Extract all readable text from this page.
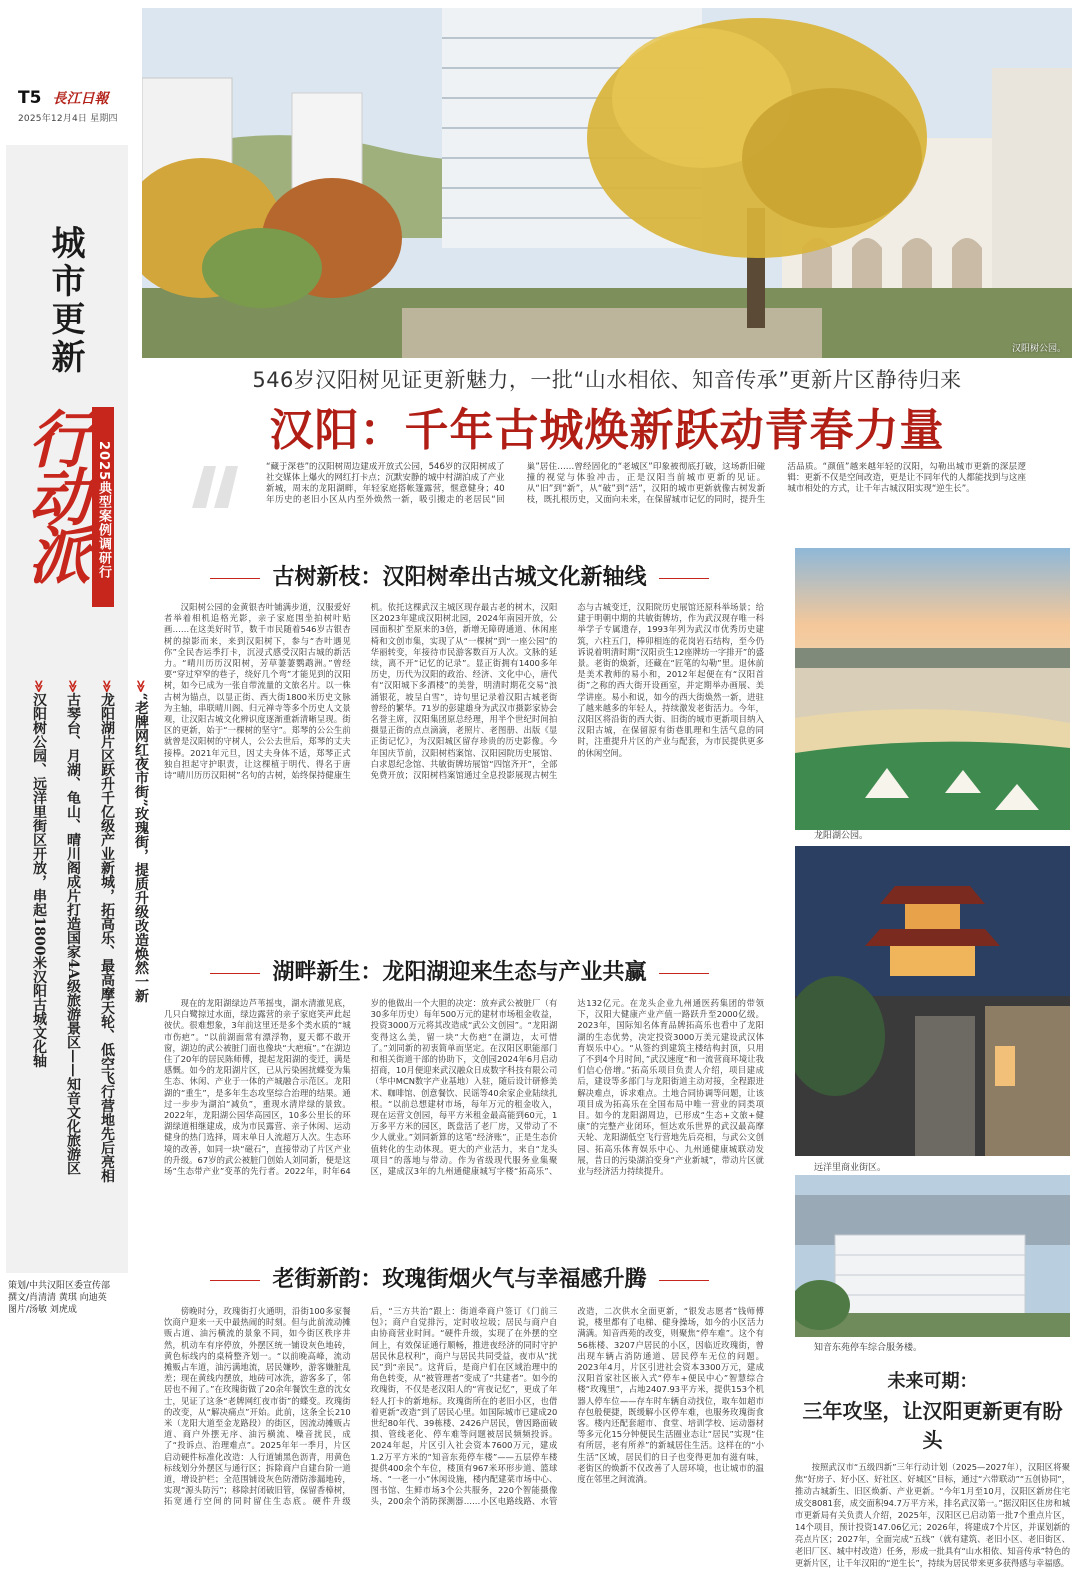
T5 長江日報
2025年12月4日 星期四
城市更新
行动派 2025典型案例调研行
≫“老牌网红夜市街”玫瑰街，提质升级改造焕然一新
≫龙阳湖片区跃升千亿级产业新城，拓高乐、最高摩天轮、低空飞行营地先后亮相
≫古琴台、月湖、龟山、晴川阁成片打造国家4A级旅游景区——知音文化旅游区
≫汉阳树公园、远洋里街区开放，串起1800米汉阳古城文化轴
策划/中共汉阳区委宣传部
撰文/肖清清 黄琪 向迪英
图片/汤敏 刘虎成
汉阳树公园。
546岁汉阳树见证更新魅力，一批“山水相依、知音传承”更新片区静待归来
汉阳：千年古城焕新跃动青春力量
“藏于深巷”的汉阳树周边建成开放式公园，546岁的汉阳树成了社交媒体上爆火的网红打卡点；沉默安静的城中村湖泊成了产业新城，周末的龙阳湖畔，年轻家庭搭帐篷露营，惬意健身；40年历史的老旧小区从内至外焕然一新，吸引搬走的老居民“回巢”居住……曾经固化的“老城区”印象被彻底打破，这场新旧碰撞的视觉与体验冲击，正是汉阳当前城市更新的见证。从“旧”到“新”，从“破”到“活”，汉阳的城市更新就像古树发新枝，既扎根历史，又面向未来，在保留城市记忆的同时，提升生活品质。“颜值”越来越年轻的汉阳，勾勒出城市更新的深层逻辑：更新不仅是空间改造，更是让不同年代的人都能找到与这座城市相处的方式，让千年古城汉阳实现“逆生长”。
古树新枝：汉阳树牵出古城文化新轴线
汉阳树公园的金黄银杏叶铺满步道，汉服爱好者举着相机追格光影，亲子家庭围坐拍树叶贴画……在这美好时节，数千市民随着546岁古银杏树的掠影而来，来到汉阳树下，参与“杏叶遇见你”全民杏运季打卡，沉浸式感受汉阳古城的新活力。“晴川历历汉阳树，芳草萋萋鹦鹉洲。”曾经要“穿过窄窄的巷子，绕好几个弯”才能见到的汉阳树，如今已成为一张自带流量的文旅名片。以一株古树为锚点，以显正街、西大街1800米历史文脉为主轴，串联晴川阁、归元禅寺等多个历史人文景观，让汉阳古城文化辨识度逐渐重新清晰呈现。街区的更新，始于“一棵树的坚守”。郑琴的公公生前就曾是汉阳树的守树人，公公去世后，郑琴的丈夫接棒。2021年元旦，因丈夫身体不适，郑琴正式独自担起守护职责，让这棵植于明代、得名于唐诗“晴川历历汉阳树”名句的古树，始终保持健康生机。依托这棵武汉主城区现存最古老的树木，汉阳区2023年建成汉阳树北园，2024年南园开放，公园面积扩至原来的3倍，新增无障碍通道、休闲座椅和文创市集，实现了从“一棵树”到“一座公园”的华丽转变，年接待市民游客数百万人次。文脉的延续，离不开“记忆的记录”。显正街拥有1400多年历史，历代为汉阳的政治、经济、文化中心，唐代有“汉阳城下多酒楼”的美誉，明清时期花交易“浪涌银花，坡呈白雪”，诗句里记录着汉阳古城老街曾经的繁华。71岁的彭建雄身为武汉市摄影家协会名誉主席，汉阳集团原总经理，用半个世纪时间拍摄显正街的点点滴滴，老照片、老图册、出版《显正街记忆》，为汉阳城区留存珍贵的历史影像。今年国庆节前，汉阳树档案馆、汉阳园院历史展馆、白求恩纪念馆、共敏街牌坊展馆“四馆齐开”，全部免费开放；汉阳树档案馆通过全息投影展现古树生态与古城变迁，汉阳院历史展馆还原科举场景；给建于明朝中期的共敏街牌坊，作为武汉现存唯一科举学子专属遗存，1993年列为武汉市优秀历史建筑，六柱五门，棒卯相连的花岗岩石结构，至今仍诉说着明清时期“汉阳贡生12座牌坊一字排开”的盛景。老街的焕新，还藏在“匠笔的勾勒”里。退休前是美术教师的易小和，2012年起便在有“汉阳首街”之称的西大街开设画室，并定期举办画展、美学讲座。易小和说，如今的西大街焕然一新，进驻了越来越多的年轻人，持续激发老街活力。今年，汉阳区将沿街的西大街、旧街的城市更新项目纳入汉阳古城，在保留原有街巷肌理和生活气息的同时，注重提升片区的产业与配套，为市民提供更多的休闲空间。
湖畔新生：龙阳湖迎来生态与产业共赢
现在的龙阳湖绿边芦苇摇曳，湖水清澈见底，几只白鹭掠过水面，绿边露营的亲子家庭笑声此起彼伏。很难想象，3年前这里还是多个类水质的“城市伤疤”。“以前湖面常有漂浮物，夏天都不敢开窗，湖边的武公被脏门面也像块“大疤痕”。”在湖边住了20年的居民陈师傅，提起龙阳湖的变迁，满是感慨。如今的龙阳湖片区，已从污染困扰蝶变为集生态、休闲、产业于一体的产城融合示范区。龙阳湖的“重生”，是多年生态攻坚综合治理的结果。通过一步步为湖泊“减负”，重现水清岸绿的景致。2022年，龙阳湖公园华高园区，10多公里长的环湖绿道相继建成，成为市民露营、亲子休闲、运动健身的热门选择，周末单日人流超万人次。生态环境的改善，如同一块“磁石”，直接带动了片区产业的升级。67岁的武公被脏门创始人刘同新，便是这场“生态带产业”变革的先行者。2022年，时年64岁的他做出一个大胆的决定：放弃武公被脏厂（有30多年历史）每年500万元的建材市场租金收益，投资3000万元将其改造成“武公文创园”。“龙阳湖变得这么美，留一块“大伤疤”在湖边，太可惜了。”刘同新的初衷简单而坚定。在汉阳区职能部门和相关街道干部的协助下，文创园2024年6月启动招商，10月便迎来武汉融众日成数字科技有限公司（华中MCN数字产业基地）入驻，随后设计研修美术、咖啡馆、创意餐饮、民谣等40余家企业陆续扎根。“以前总想建材市场，每年万元的租金收入，现在运营文创园，每平方米租金最高能到60元，1万多平方米的园区，既盘活了老厂房，又带动了不少人就业。”刘同新算的这笔“经济账”，正是生态价值转化的生动体现。更大的产业活力，来自“龙头项目”的落地与带动。作为省级现代服务业集聚区，建成汉3年的九州通健康城写字楼“拓高乐”、达132亿元。在龙头企业九州通医药集团的带领下，汉阳大健康产业产值一路跃升至2000亿级。2023年，国际知名体育品牌拓高乐也看中了龙阳湖的生态优势，决定投资3000万美元建设武汉体育娱乐中心。“从签约到建筑主楼结构封顶，只用了不到4个月时间，”武汉速度“和一流营商环境让我们信心倍增。”拓高乐项目负责人介绍，项目建成后，建设等多部门与龙阳街道主动对接，全程跟进解决难点，诉求难点。土地合同协调等问题，让该项目成为拓高乐在全国布局中唯一营业的同类项目。如今的龙阳湖周边，已形成“生态+文旅+健康”的完整产业闭环，恒达欢乐世界的武汉最高摩天轮、龙阳湖低空飞行营地先后亮相，与武公文创园、拓高乐体育娱乐中心、九州通健康城联动发展，昔日的污染湖泊变身“产业新城”，带动片区就业与经济活力持续提升。
老街新韵：玫瑰街烟火气与幸福感升腾
傍晚时分，玫瑰街打火通明，沿街100多家餐饮商户迎来一天中最热闹的时刻。但与此前流动摊贩占道、油污横流的景象不同，如今街区秩序井然，机动车有序停放，外摆区统一铺设灰色地砖，黄色标线内的桌椅整齐划一。“以前晚高峰，流动摊贩占车道，油污满地流，居民嫌吵，游客嫌脏乱差；现在黄线内摆放，地砖可冰洗，游客多了，邻居也不闹了。”在玫瑰街做了20余年餐饮生意的沈女士，见证了这条“老牌网红夜市街”的蝶变。玫瑰街的改变，从“解决痛点”开始。此前，这条全长210米（龙阳大道至金龙路段）的街区，因流动摊贩占道、商户外摆无序、油污横流、噪音扰民，成了“投诉点、治理难点”。2025年年一季月，片区启动硬件标准化改造：人行道铺黑色沥青，用黄色标线划分外摆区与通行区；拆除商户自建台阶一道道，增设护栏；全范围铺设灰色防滑防渗漏地砖，实现“源头防污”；移除封闭破旧管，保留香樟树，拓宽通行空间的同时留住生态底。硬件升级后，“三方共治”跟上：街道牵商户签订《门前三包》；商户自觉排污，定时收垃圾；居民与商户自由协商营业时间。“硬件升级，实现了在外摆的空间上，有效保证通行顺畅，推进夜经济的同时守护居民休息权利”，商户与居民共同受益，夜市从“扰民”到“亲民”。这背后，是商户们在区域治理中的角色转变，从“被管理者”变成了“共建者”。如今的玫瑰街，不仅是老汉阳人的“宵夜记忆”，更成了年轻人打卡的新地标。玫瑰街所在的老旧小区，也借着更新“改造”到了居民心里。如国际城市已建成20世纪80年代、39栋楼、2426户居民，曾因路面破损、管线老化、停车难等问题被居民频频投诉。2024年起，片区引入社会资本7600万元，建成1.2万平方米的“知音东苑停车楼”——五层停车楼提供400余个车位，楼顶有967米环形步道、篮球场、“一老一小”休闲设施，楼内配建菜市场中心、图书馆、生鲜市场3个公共服务，220个智能摄像头，200余个消防探测器……小区电路线路、水管改造，二次供水全面更新，“银发志愿者”钱师傅说，楼里都有了电梯、健身操场，如今的小区活力满满。知音西苑的改变，则聚焦“停车难”。这个有56栋楼、3207户居民的小区，因临近玫瑰街，曾出现车辆占消防通道、居民停车无位的问题。2023年4月，片区引进社会资本3300万元，建成汉阳首家社区嵌入式“停车+便民中心”智慧综合楼“玫瑰里”，占地2407.93平方米，提供153个机器人停车位——存车时车辆自动找位，取车如超市存包般便捷，既缓解小区停车难，也服务玫瑰街食客。楼内还配套超市、食堂、培训学校、运动器材等多元化15分钟便民生活圈业态让“居民”实现“住有所居，老有所养”的新城居住生活。这样在的“小生活”区域，居民们的日子也变得更加有滋有味，老街区的焕新不仅改善了人居环境，也让城市的温度在邻里之间流淌。
龙阳湖公园。
远洋里商业街区。
知音东苑停车综合服务楼。
未来可期：
三年攻坚，让汉阳更新更有盼头
按照武汉市“五级四新”三年行动计划（2025—2027年），汉阳区将聚焦“好房子、好小区、好社区、好城区”目标，通过“六带联动”“五创协同”，推动古城新生、旧区焕新、产业更新。“今年1月至10月，汉阳区新房住宅成交8081套，成交面积94.7万平方米，排名武汉第一。”据汉阳区住房和城市更新局有关负责人介绍，2025年，汉阳区已启动第一批7个重点片区，14个项目，预计投资147.06亿元；2026年，将建成7个片区，并谋划新的亮点片区；2027年，全面完成“五线”（就有建筑、老旧小区、老旧街区、老旧厂区、城中村改造）任务，形成一批具有“山水相依、知音传承”特色的更新片区，让千年汉阳的“逆生长”，持续为居民带来更多获得感与幸福感。
